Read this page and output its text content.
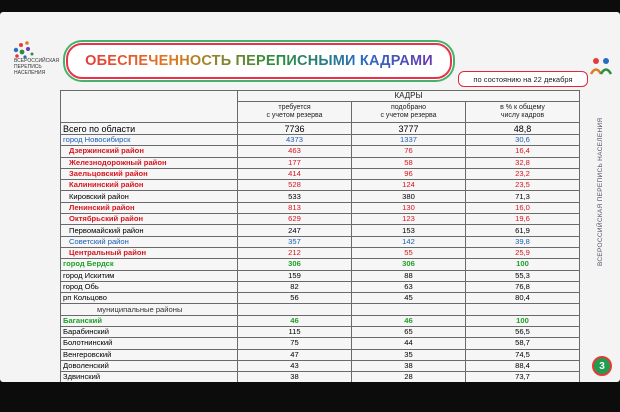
ВСЕРОССИЙСКАЯ
ПЕРЕПИСЬ
НАСЕЛЕНИЯ
ОБЕСПЕЧЕННОСТЬ ПЕРЕПИСНЫМИ КАДРАМИ
по состоянию на 22 декабря
ВСЕРОССИЙСКАЯ ПЕРЕПИСЬ НАСЕЛЕНИЯ
3
	КАДРЫ		
	требуется
с учетом резерва	подобрано
с учетом резерва	в % к общему
числу кадров
Всего по области	7736	3777	48,8
город Новосибирск	4373	1337	30,6
Дзержинский район	463	76	16,4
Железнодорожный район	177	58	32,8
Заельцовский район	414	96	23,2
Калининский район	528	124	23,5
Кировский район	533	380	71,3
Ленинский район	813	130	16,0
Октябрьский район	629	123	19,6
Первомайский район	247	153	61,9
Советский район	357	142	39,8
Центральный район	212	55	25,9
город Бердск	306	306	100
город Искитим	159	88	55,3
город Обь	82	63	76,8
рп Кольцово	56	45	80,4
муниципальные районы			
Баганский	46	46	100
Барабинский	115	65	56,5
Болотнинский	75	44	58,7
Венгеровский	47	35	74,5
Доволенский	43	38	88,4
Здвинский	38	28	73,7
